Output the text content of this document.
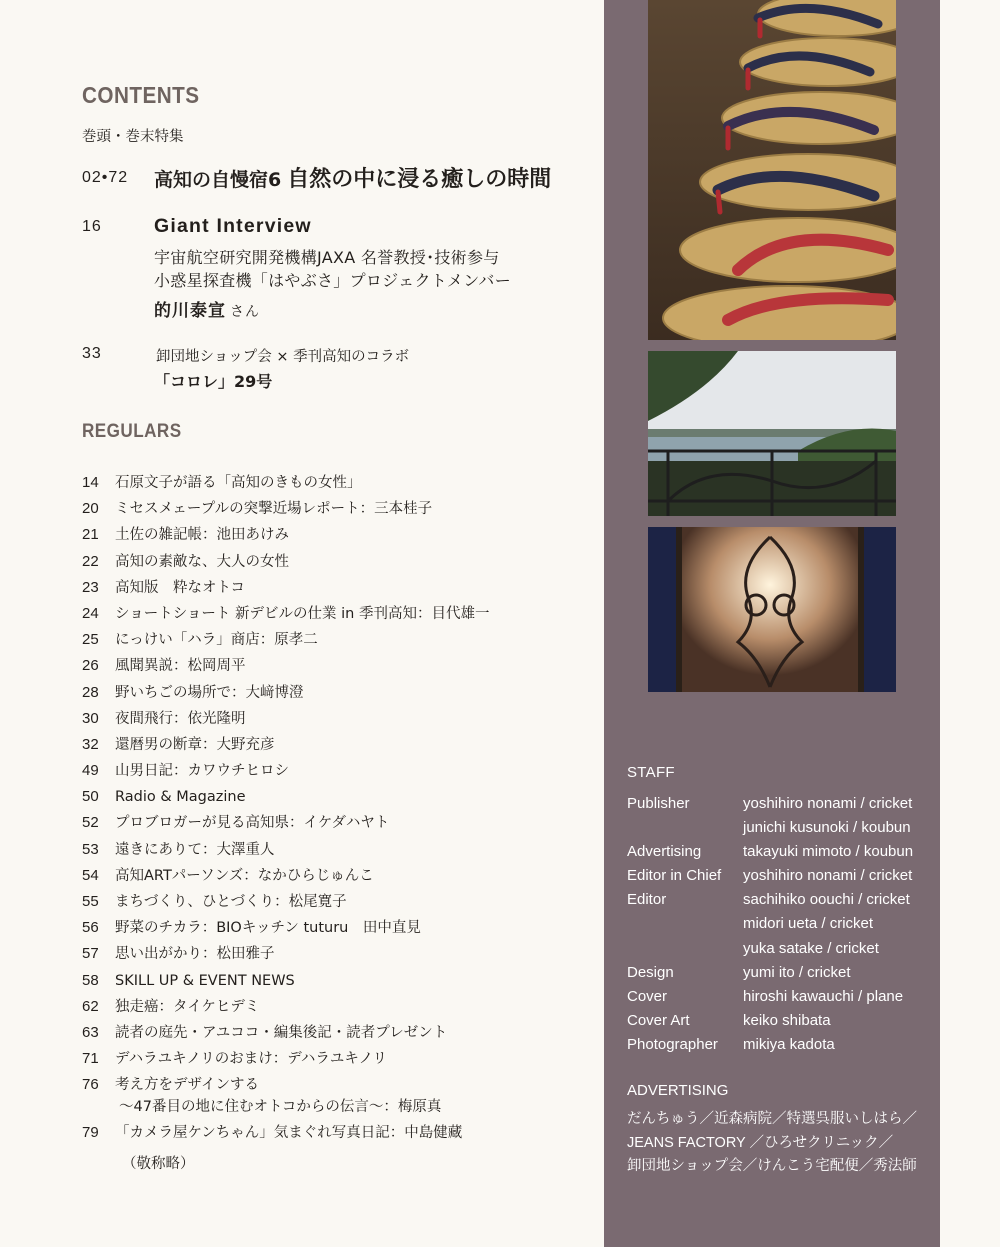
CONTENTS
巻頭・巻末特集
02•72 高知の自慢宿6 自然の中に浸る癒しの時間
16	Giant Interview
宇宙航空研究開発機構JAXA 名誉教授･技術参与
小惑星探査機「はやぶさ」プロジェクトメンバー
的川泰宣 さん
33	卸団地ショップ会 × 季刊高知のコラボ
「コロレ」29号
REGULARS
14	石原文子が語る「高知のきもの女性」
20	ミセスメェープルの突撃近場レポート：三本桂子
21	土佐の雑記帳：池田あけみ
22	高知の素敵な、大人の女性
23	高知版　粋なオトコ
24	ショートショート 新デビルの仕業 in 季刊高知：目代雄一
25	にっけい「ハラ」商店：原孝二
26	風聞異説：松岡周平
28	野いちごの場所で：大﨑博澄
30	夜間飛行：依光隆明
32	還暦男の断章：大野充彦
49	山男日記：カワウチヒロシ
50	Radio & Magazine
52	プロブロガーが見る高知県：イケダハヤト
53	遠きにありて：大澤重人
54	高知ARTパーソンズ：なかひらじゅんこ
55	まちづくり、ひとづくり：松尾寛子
56	野菜のチカラ：BIOキッチン tuturu　田中直見
57	思い出がかり：松田雅子
58	SKILL UP & EVENT NEWS
62	独走癌：タイケヒデミ
63	読者の庭先・アユココ・編集後記・読者プレゼント
71	デハラユキノリのおまけ：デハラユキノリ
76	考え方をデザインする
〜47番目の地に住むオトコからの伝言〜：梅原真
79	「カメラ屋ケンちゃん」気まぐれ写真日記：中島健藏
（敬称略）
STAFF
Publisher	yoshihiro nonami / cricket
junichi kusunoki / koubun
Advertising	takayuki mimoto / koubun
Editor in Chief	yoshihiro nonami / cricket
Editor	sachihiko oouchi / cricket
midori ueta / cricket
yuka satake / cricket
Design	yumi ito / cricket
Cover	hiroshi kawauchi / plane
Cover Art	keiko shibata
Photographer	mikiya kadota
ADVERTISING
だんちゅう／近森病院／特選呉服いしはら／
JEANS FACTORY ／ひろせクリニック／
卸団地ショップ会／けんこう宅配便／秀法師
